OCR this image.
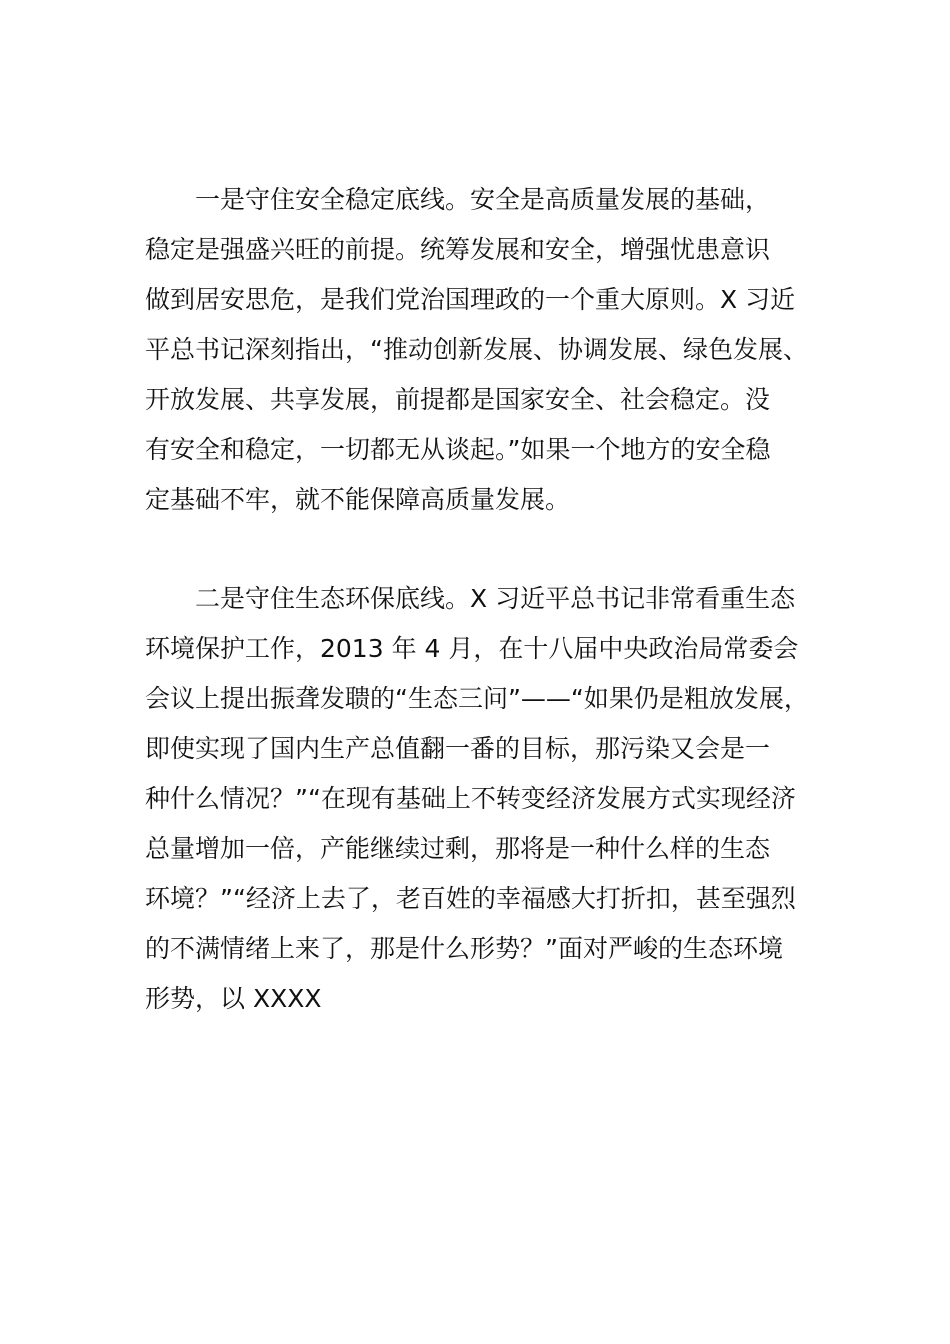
　　一是守住安全稳定底线。安全是高质量发展的基础，
稳定是强盛兴旺的前提。统筹发展和安全，增强忧患意识
做到居安思危，是我们党治国理政的一个重大原则。X 习近
平总书记深刻指出，“推动创新发展、协调发展、绿色发展、
开放发展、共享发展，前提都是国家安全、社会稳定。没
有安全和稳定，一切都无从谈起。”如果一个地方的安全稳
定基础不牢，就不能保障高质量发展。
　　二是守住生态环保底线。X 习近平总书记非常看重生态
环境保护工作，2013 年 4 月，在十八届中央政治局常委会
会议上提出振聋发聩的“生态三问”——“如果仍是粗放发展，
即使实现了国内生产总值翻一番的目标，那污染又会是一
种什么情况？”“在现有基础上不转变经济发展方式实现经济
总量增加一倍，产能继续过剩，那将是一种什么样的生态
环境？”“经济上去了，老百姓的幸福感大打折扣，甚至强烈
的不满情绪上来了，那是什么形势？”面对严峻的生态环境
形势，以 XXXX
